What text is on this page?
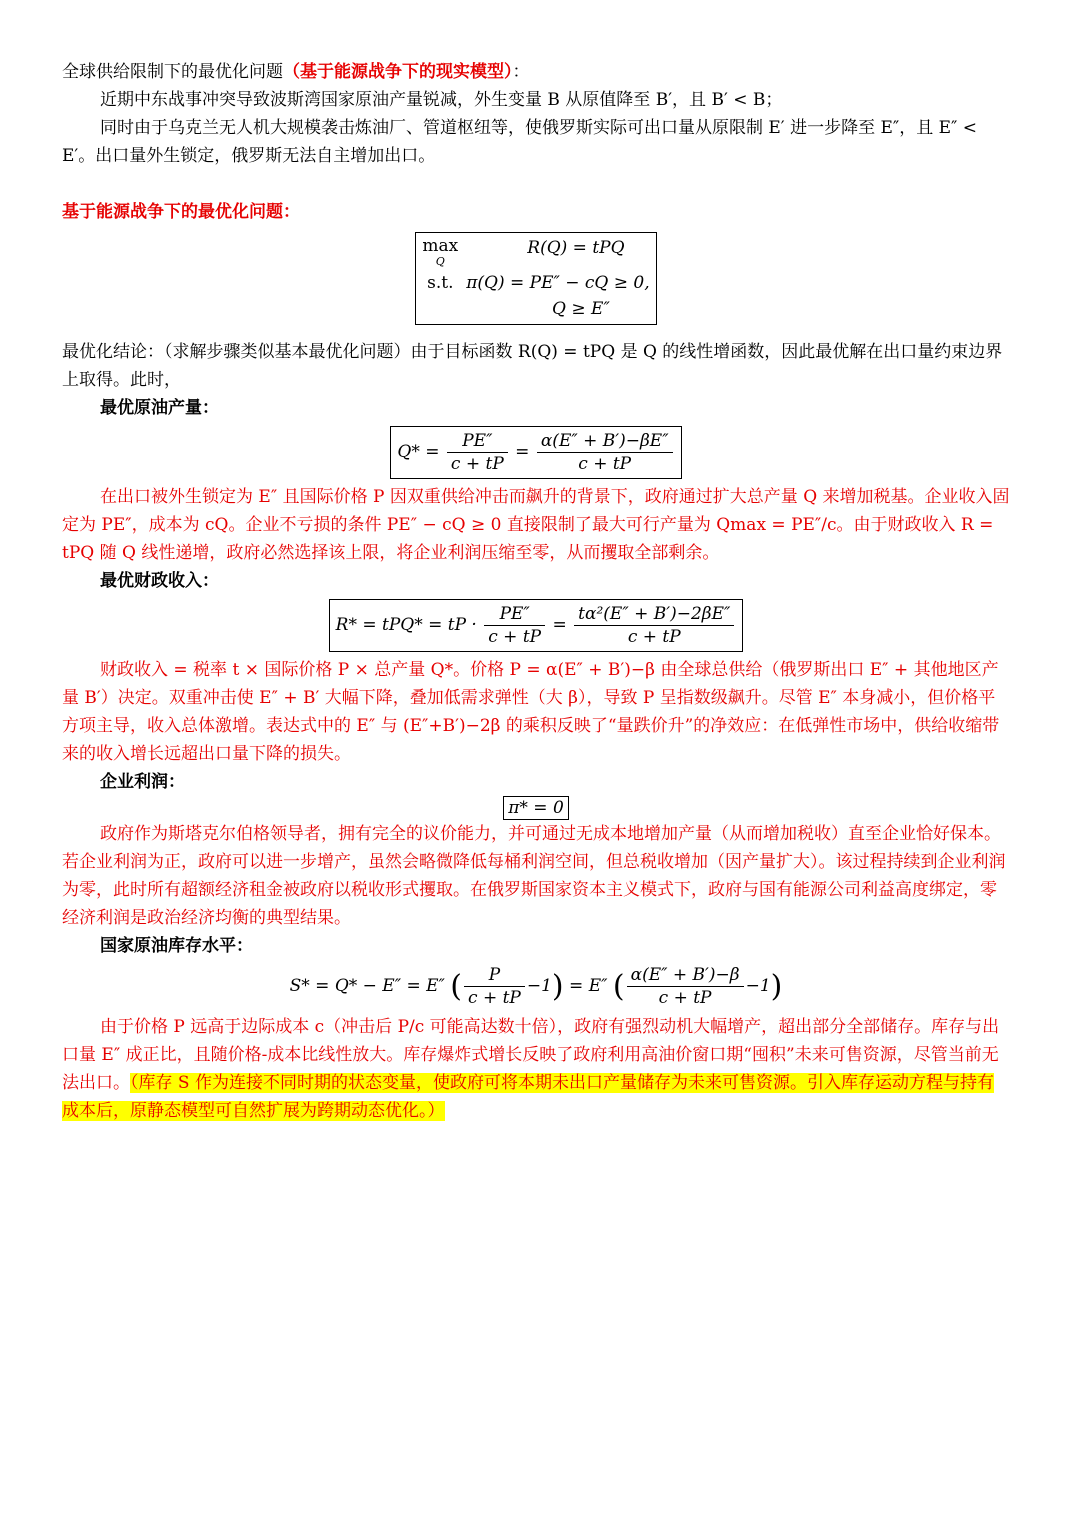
全球供给限制下的最优化问题（基于能源战争下的现实模型）：

近期中东战事冲突导致波斯湾国家原油产量锐减，外生变量 B 从原值降至 B′，且 B′ < B；

同时由于乌克兰无人机大规模袭击炼油厂、管道枢纽等，使俄罗斯实际可出口量从原限制 E′ 进一步降至 E″，且 E″ < E′。出口量外生锁定，俄罗斯无法自主增加出口。

基于能源战争下的最优化问题：

max
Q	R(Q) = tPQ
s.t.	π(Q) = PE″ − cQ ≥ 0,
	Q ≥ E″

最优化结论：（求解步骤类似基本最优化问题）由于目标函数 R(Q) = tPQ 是 Q 的线性增函数，因此最优解在出口量约束边界上取得。此时，

最优原油产量：

$Q* = \frac{PE''}{c + tP} = \frac{\alpha(E'' + B')-\beta E''}{c + tP}$

在出口被外生锁定为 E″ 且国际价格 P 因双重供给冲击而飙升的背景下，政府通过扩大总产量 Q 来增加税基。企业收入固定为 PE″，成本为 cQ。企业不亏损的条件 PE″ − cQ ≥ 0 直接限制了最大可行产量为 Qmax = PE″/c。由于财政收入 R = tPQ 随 Q 线性递增，政府必然选择该上限，将企业利润压缩至零，从而攫取全部剩余。

最优财政收入：

R* = tPQ* = tP · $\frac{PE''}{c + tP} = \frac{\text{tα²(E″ + B′)−2βE″}}{c + tP}$

财政收入 = 税率 t × 国际价格 P × 总产量 Q*。价格 P = α(E″ + B′)−β 由全球总供给（俄罗斯出口 E″ + 其他地区产量 B′）决定。双重冲击使 E″ + B′ 大幅下降，叠加低需求弹性（大 β），导致 P 呈指数级飙升。尽管 E″ 本身减小，但价格平方项主导，收入总体激增。表达式中的 E″ 与 (E″+B′)−2β 的乘积反映了“量跌价升”的净效应：在低弹性市场中，供给收缩带来的收入增长远超出口量下降的损失。

企业利润：

π* = 0

政府作为斯塔克尔伯格领导者，拥有完全的议价能力，并可通过无成本地增加产量（从而增加税收）直至企业恰好保本。若企业利润为正，政府可以进一步增产，虽然会略微降低每桶利润空间，但总税收增加（因产量扩大）。该过程持续到企业利润为零，此时所有超额经济租金被政府以税收形式攫取。在俄罗斯国家资本主义模式下，政府与国有能源公司利益高度绑定，零经济利润是政治经济均衡的典型结果。

国家原油库存水平：

S* = Q* − E″ = E″ ( $\frac{P}{c + tP} -1) = E''$ ( $\frac{\alpha(E'' + B')-\beta}{c + tP} -1$)

由于价格 P 远高于边际成本 c（冲击后 P/c 可能高达数十倍），政府有强烈动机大幅增产，超出部分全部储存。库存与出口量 E″ 成正比，且随价格-成本比线性放大。库存爆炸式增长反映了政府利用高油价窗口期“囤积”未来可售资源，尽管当前无法出口。（库存 S 作为连接不同时期的状态变量，使政府可将本期未出口产量储存为未来可售资源。引入库存运动方程与持有成本后，原静态模型可自然扩展为跨期动态优化。）
